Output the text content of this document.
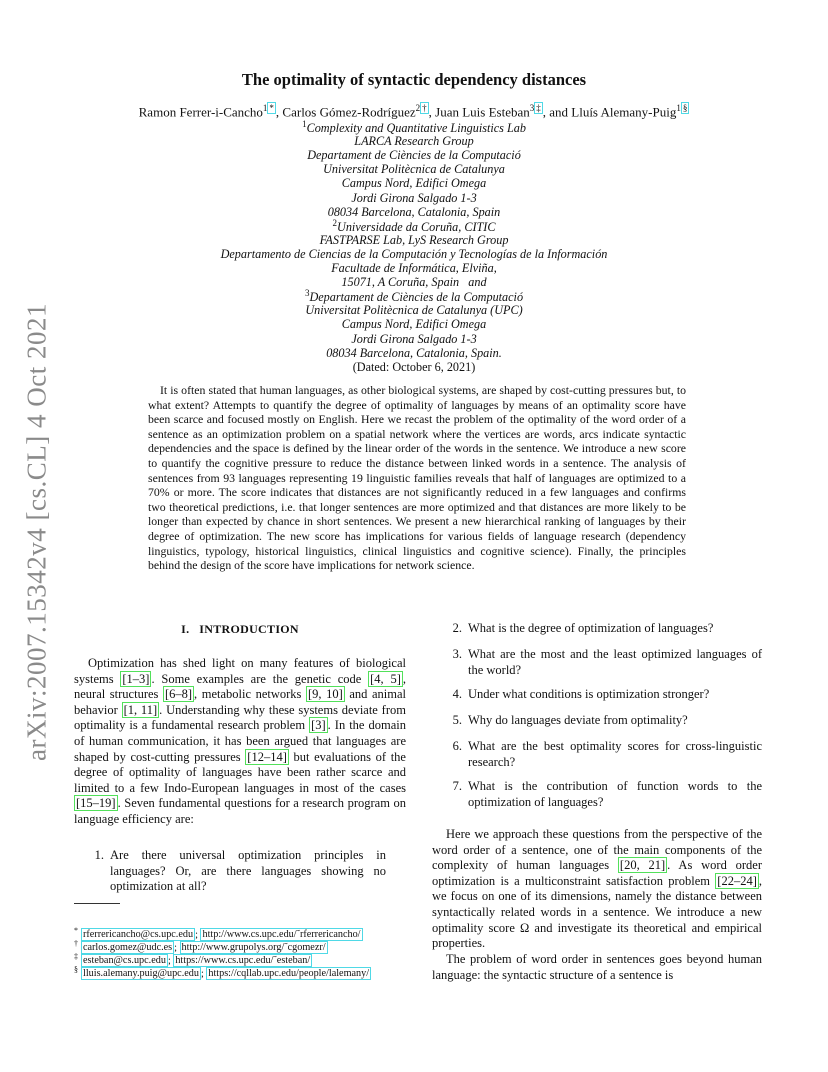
arXiv:2007.15342v4 [cs.CL] 4 Oct 2021
The optimality of syntactic dependency distances
Ramon Ferrer-i-Cancho$^1$ * , Carlos Gómez-Rodríguez$^2$ † , Juan Luis Esteban$^3$ ‡ , and Lluís Alemany-Puig$^1$ §
$^1$Complexity and Quantitative Linguistics Lab
LARCA Research Group
Departament de Ciències de la Computació
Universitat Politècnica de Catalunya
Campus Nord, Edifici Omega
Jordi Girona Salgado 1-3
08034 Barcelona, Catalonia, Spain
$^2$Universidade da Coruña, CITIC
FASTPARSE Lab, LyS Research Group
Departamento de Ciencias de la Computación y Tecnologías de la Información
Facultade de Informática, Elviña,
15071, A Coruña, Spain   and
$^3$Departament de Ciències de la Computació
Universitat Politècnica de Catalunya (UPC)
Campus Nord, Edifici Omega
Jordi Girona Salgado 1-3
08034 Barcelona, Catalonia, Spain.
(Dated: October 6, 2021)
It is often stated that human languages, as other biological systems, are shaped by cost-cutting pressures but, to what extent? Attempts to quantify the degree of optimality of languages by means of an optimality score have been scarce and focused mostly on English. Here we recast the problem of the optimality of the word order of a sentence as an optimization problem on a spatial network where the vertices are words, arcs indicate syntactic dependencies and the space is defined by the linear order of the words in the sentence. We introduce a new score to quantify the cognitive pressure to reduce the distance between linked words in a sentence. The analysis of sentences from 93 languages representing 19 linguistic families reveals that half of languages are optimized to a 70% or more. The score indicates that distances are not significantly reduced in a few languages and confirms two theoretical predictions, i.e. that longer sentences are more optimized and that distances are more likely to be longer than expected by chance in short sentences. We present a new hierarchical ranking of languages by their degree of optimization. The new score has implications for various fields of language research (dependency linguistics, typology, historical linguistics, clinical linguistics and cognitive science). Finally, the principles behind the design of the score have implications for network science.
I. INTRODUCTION
Optimization has shed light on many features of biological systems [1–3] . Some examples are the genetic code [4, 5] , neural structures [6–8] , metabolic networks [9, 10] and animal behavior [1, 11] . Understanding why these systems deviate from optimality is a fundamental research problem [3] . In the domain of human communication, it has been argued that languages are shaped by cost-cutting pressures [12–14] but evaluations of the degree of optimality of languages have been rather scarce and limited to a few Indo-European languages in most of the cases [15–19] . Seven fundamental questions for a research program on language efficiency are:
1. Are there universal optimization principles in languages? Or, are there languages showing no optimization at all?
2. What is the degree of optimization of languages?
3. What are the most and the least optimized languages of the world?
4. Under what conditions is optimization stronger?
5. Why do languages deviate from optimality?
6. What are the best optimality scores for cross-linguistic research?
7. What is the contribution of function words to the optimization of languages?
Here we approach these questions from the perspective of the word order of a sentence, one of the main components of the complexity of human languages [20, 21] . As word order optimization is a multiconstraint satisfaction problem [22–24] , we focus on one of its dimensions, namely the distance between syntactically related words in a sentence. We introduce a new optimality score Ω and investigate its theoretical and empirical properties.
The problem of word order in sentences goes beyond human language: the syntactic structure of a sentence is
* rferrericancho@cs.upc.edu ; http://www.cs.upc.edu/˜rferrericancho/
† carlos.gomez@udc.es ; http://www.grupolys.org/˜cgomezr/
‡ esteban@cs.upc.edu ; https://www.cs.upc.edu/˜esteban/
§ lluis.alemany.puig@upc.edu ; https://cqllab.upc.edu/people/lalemany/
